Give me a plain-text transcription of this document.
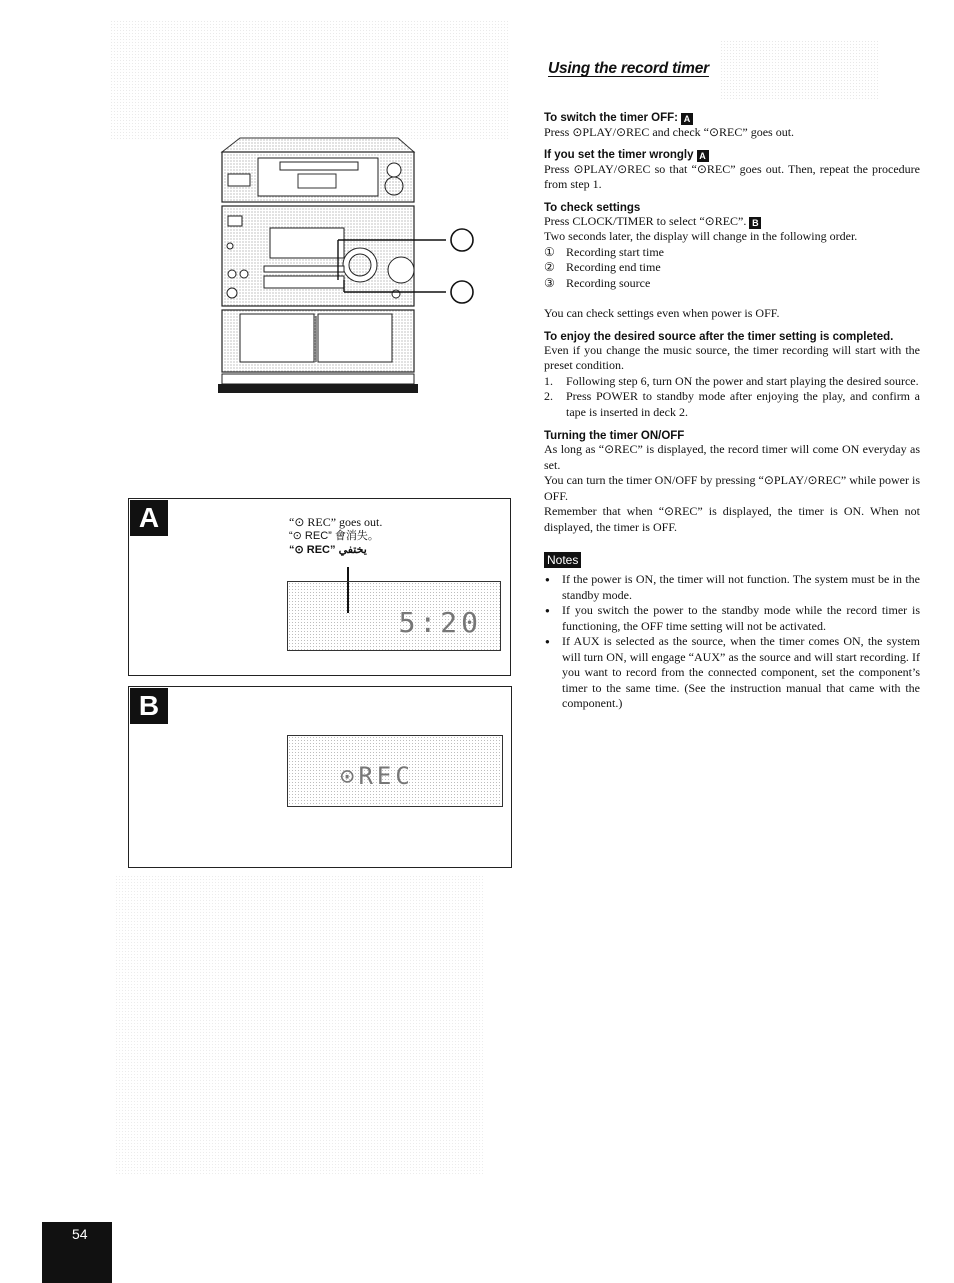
Using the record timer
A	“⊙ REC” goes out.
“⊙ REC” 會消失。
“⊙ REC” يختفي
5:20
B
⊙REC
To switch the timer OFF: A
Press ⊙PLAY/⊙REC and check “⊙REC” goes out.
If you set the timer wrongly A
Press ⊙PLAY/⊙REC so that “⊙REC” goes out. Then, repeat the procedure from step 1.
To check settings
Press CLOCK/TIMER to select “⊙REC”. B
Two seconds later, the display will change in the following order.
① Recording start time
② Recording end time
③ Recording source
You can check settings even when power is OFF.
To enjoy the desired source after the timer setting is completed.
Even if you change the music source, the timer recording will start with the preset condition.
1. Following step 6, turn ON the power and start playing the desired source.
2. Press POWER to standby mode after enjoying the play, and confirm a tape is inserted in deck 2.
Turning the timer ON/OFF
As long as “⊙REC” is displayed, the record timer will come ON everyday as set.
You can turn the timer ON/OFF by pressing “⊙PLAY/⊙REC” while power is OFF.
Remember that when “⊙REC” is displayed, the timer is ON. When not displayed, the timer is OFF.
Notes
● If the power is ON, the timer will not function. The system must be in the standby mode.
● If you switch the power to the standby mode while the record timer is functioning, the OFF time setting will not be activated.
● If AUX is selected as the source, when the timer comes ON, the system will turn ON, will engage “AUX” as the source and will start recording. If you want to record from the connected component, set the component’s timer to the same time. (See the instruction manual that came with the component.)
54
